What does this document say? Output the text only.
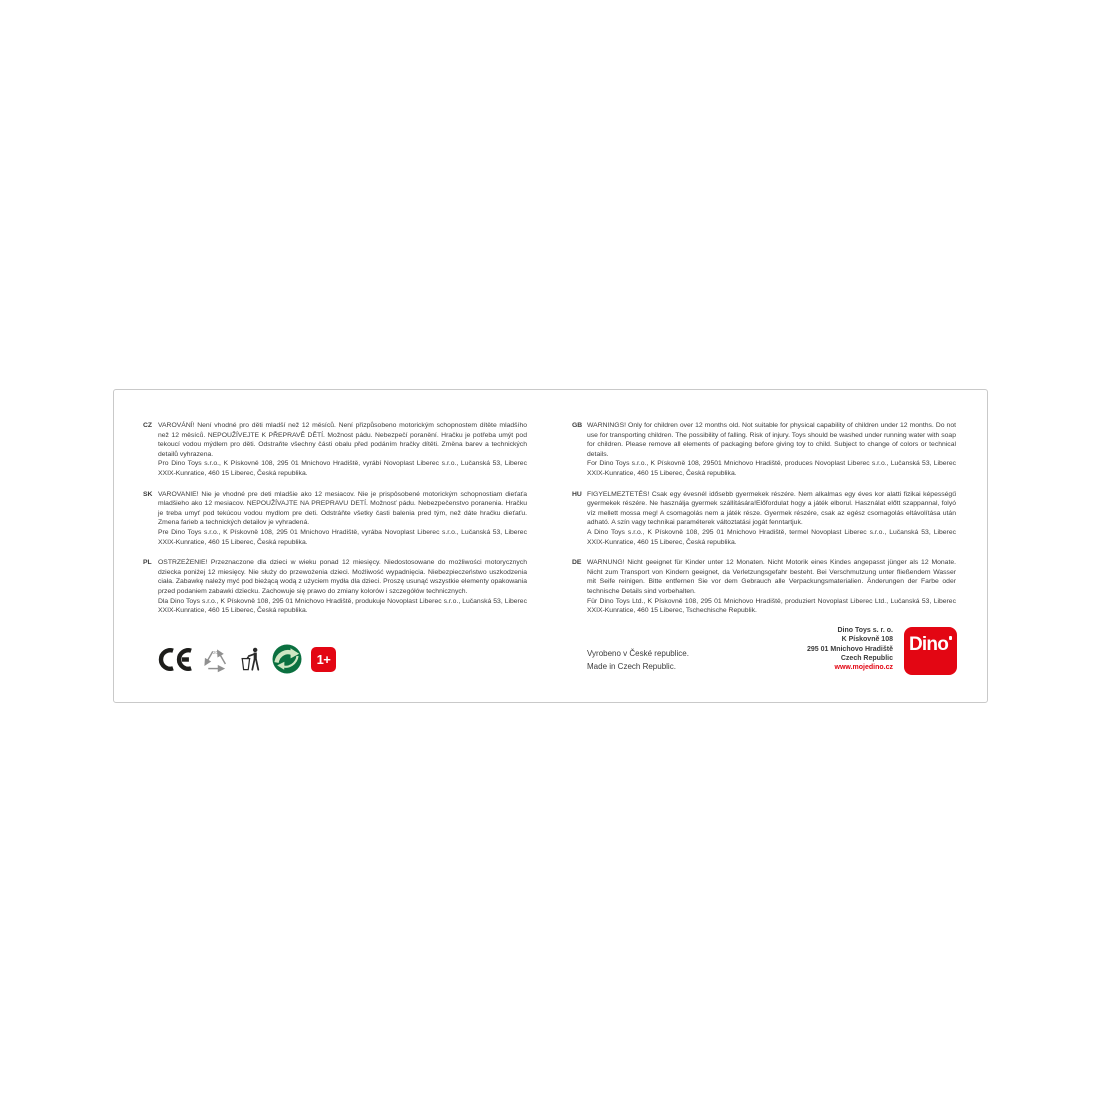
CZ VAROVÁNÍ! Není vhodné pro děti mladší než 12 měsíců. Není přizpůsobeno motorickým schopnostem dítěte mladšího než 12 měsíců. NEPOUŽÍVEJTE K PŘEPRAVĚ DĚTÍ. Možnost pádu. Nebezpečí poranění. Hračku je potřeba umýt pod tekoucí vodou mýdlem pro děti. Odstraňte všechny části obalu před podáním hračky dítěti. Změna barev a technických detailů vyhrazena.

Pro Dino Toys s.r.o., K Pískovně 108, 295 01 Mnichovo Hradiště, vyrábí Novoplast Liberec s.r.o., Lučanská 53, Liberec XXIX-Kunratice, 460 15 Liberec, Česká republika.

SK VAROVANIE! Nie je vhodné pre deti mladšie ako 12 mesiacov. Nie je prispôsobené motorickým schopnostiam dieťaťa mladšieho ako 12 mesiacov. NEPOUŽÍVAJTE NA PREPRAVU DETÍ. Možnosť pádu. Nebezpečenstvo poranenia. Hračku je treba umyť pod tekúcou vodou mydlom pre deti. Odstráňte všetky časti balenia pred tým, než dáte hračku dieťaťu. Zmena farieb a technických detailov je vyhradená.

Pre Dino Toys s.r.o., K Pískovně 108, 295 01 Mnichovo Hradiště, vyrába Novoplast Liberec s.r.o., Lučanská 53, Liberec XXIX-Kunratice, 460 15 Liberec, Česká republika.

PL OSTRZEŻENIE! Przeznaczone dla dzieci w wieku ponad 12 miesięcy. Niedostosowane do możliwości motorycznych dziecka poniżej 12 miesięcy. Nie służy do przewożenia dzieci. Możliwość wypadnięcia. Niebezpieczeństwo uszkodzenia ciała. Zabawkę należy myć pod bieżącą wodą z użyciem mydła dla dzieci. Proszę usunąć wszystkie elementy opakowania przed podaniem zabawki dziecku. Zachowuje się prawo do zmiany kolorów i szczegółów technicznych.

Dla Dino Toys s.r.o., K Pískovně 108, 295 01 Mnichovo Hradiště, produkuje Novoplast Liberec s.r.o., Lučanská 53, Liberec XXIX-Kunratice, 460 15 Liberec, Česká republika.

GB WARNINGS! Only for children over 12 months old. Not suitable for physical capability of children under 12 months. Do not use for transporting children. The possibility of falling. Risk of injury. Toys should be washed under running water with soap for children. Please remove all elements of packaging before giving toy to child. Subject to change of colors or technical details.

For Dino Toys s.r.o., K Pískovně 108, 29501 Mnichovo Hradiště, produces Novoplast Liberec s.r.o., Lučanská 53, Liberec XXIX-Kunratice, 460 15 Liberec, Česká republika.

HU FIGYELMEZTETÉS! Csak egy évesnél idősebb gyermekek részére. Nem alkalmas egy éves kor alatti fizikai képességű gyermekek részére. Ne használja gyermek szállítására!Előfordulat hogy a játék elborul. Használat előtt szappannal, folyó víz mellett mossa meg! A csomagolás nem a játék része. Gyermek részére, csak az egész csomagolás eltávolítása után adható. A szín vagy technikai paraméterek változtatási jogát fenntartjuk.

A Dino Toys s.r.o., K Pískovně 108, 295 01 Mnichovo Hradiště, termel Novoplast Liberec s.r.o., Lučanská 53, Liberec XXIX-Kunratice, 460 15 Liberec, Česká republika.

DE WARNUNG! Nicht geeignet für Kinder unter 12 Monaten. Nicht Motorik eines Kindes angepasst jünger als 12 Monate. Nicht zum Transport von Kindern geeignet, da Verletzungsgefahr besteht. Bei Verschmutzung unter fließendem Wasser mit Seife reinigen. Bitte entfernen Sie vor dem Gebrauch alle Verpackungsmaterialien. Änderungen der Farbe oder technische Details sind vorbehalten.

Für Dino Toys Ltd., K Pískovně 108, 295 01 Mnichovo Hradiště, produziert Novoplast Liberec Ltd., Lučanská 53, Liberec XXIX-Kunratice, 460 15 Liberec, Tschechische Republik.

20	1+	Vyrobeno v České republice.
Made in Czech Republic.
Dino Toys s. r. o.
K Pískovně 108
295 01 Mnichovo Hradiště
Czech Republic
www.mojedino.cz
Dino
